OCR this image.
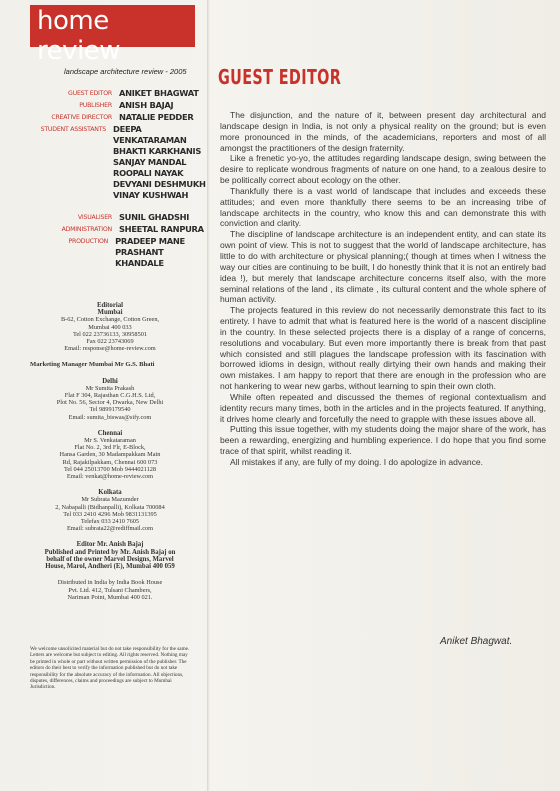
home review
landscape architecture review - 2005
GUEST EDITOR ANIKET BHAGWAT
PUBLISHER ANISH BAJAJ
CREATIVE DIRECTOR NATALIE PEDDER
STUDENT ASSISTANTS DEEPA VENKATARAMAN
BHAKTI KARKHANIS
SANJAY MANDAL
ROOPALI NAYAK
DEVYANI DESHMUKH
VINAY KUSHWAH
VISUALISER SUNIL GHADSHI
ADMINISTRATION SHEETAL RANPURA
PRODUCTION PRADEEP MANE
PRASHANT KHANDALE
Editorial
Mumbai
B-62, Cotton Exchange, Cotton Green,
Mumbai 400 033
Tel 022 23736133, 30958501
Fax 022 23743069
Email: response@home-review.com
Marketing Manager Mumbai Mr G.S. Bhati
Delhi
Mr Sumita Prakash
Flat F 304, Rajasthan C.G.H.S. Ltd,
Plot No. 56, Sector 4, Dwarka, New Delhi
Tel 9899179540
Email: sumita_biswas@sify.com
Chennai
Mr S. Venkataraman
Flat No. 2, 3rd Flr, E-Block,
Hansa Garden, 30 Madampakkam Main
Rd, Rajakilpakkam, Chennai 600 073
Tel 044 25013700 Mob 9444021128
Email: venkat@home-review.com
Kolkata
Mr Subrata Mazumder
2, Nabapalli (Bidhanpalli), Kolkata 700084
Tel 033 2410 4296 Mob 9831131395
Telefax 033 2410 7605
Email: subrata22@rediffmail.com
Editor Mr. Anish Bajaj
Published and Printed by Mr. Anish Bajaj on
behalf of the owner Marvel Designs, Marvel
House, Marol, Andheri (E), Mumbai 400 059
Distributed in India by India Book House
Pvt. Ltd. 412, Tulsani Chambers,
Nariman Point, Mumbai 400 021.
We welcome unsolicited material but do not take responsibility for the same. Letters are welcome but subject to editing. All rights reserved. Nothing may be printed in whole or part without written permission of the publisher. The editors do their best to verify the information published but do not take responsibility for the absolute accuracy of the information. All objections, disputes, differences, claims and proceedings are subject to Mumbai Jurisdiction.
GUEST EDITOR

The disjunction, and the nature of it, between present day architectural and landscape design in India, is not only a physical reality on the ground; but is even more pronounced in the minds, of the academicians, reporters and most of all amongst the practitioners of the design fraternity.

Like a frenetic yo-yo, the attitudes regarding landscape design, swing between the desire to replicate wondrous fragments of nature on one hand, to a zealous desire to be politically correct about ecology on the other.

Thankfully there is a vast world of landscape that includes and exceeds these attitudes; and even more thankfully there seems to be an increasing tribe of landscape architects in the country, who know this and can demonstrate this with conviction and clarity.

The discipline of landscape architecture is an independent entity, and can state its own point of view. This is not to suggest that the world of landscape architecture, has little to do with architecture or physical planning;( though at times when I witness the way our cities are continuing to be built, I do honestly think that it is not an entirely bad idea !), but merely that landscape architecture concerns itself also, with the more seminal relations of the land , its climate , its cultural content and the whole sphere of human activity.

The projects featured in this review do not necessarily demonstrate this fact to its entirety. I have to admit that what is featured here is the world of a nascent discipline in the country. In these selected projects there is a display of a range of concerns, resolutions and vocabulary. But even more importantly there is break from that past which consisted and still plagues the landscape profession with its fascination with borrowed idioms in design, without really dirtying their own hands and making their own mistakes. I am happy to report that there are enough in the profession who are not hankering to wear new garbs, without learning to spin their own cloth.

While often repeated and discussed the themes of regional contextualism and identity recurs many times, both in the articles and in the projects featured. If anything, it drives home clearly and forcefully the need to grapple with these issues above all.

Putting this issue together, with my students doing the major share of the work, has been a rewarding, energizing and humbling experience. I do hope that you find some trace of that spirit, whilst reading it.

All mistakes if any, are fully of my doing. I do apologize in advance.

Aniket Bhagwat.
